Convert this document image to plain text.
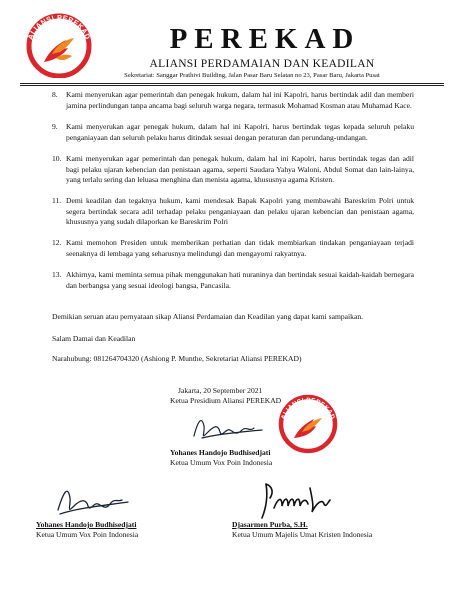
ALIANSI PEREKAD	PEREKAD
ALIANSI PERDAMAIAN DAN KEADILAN
Sekretariat: Sanggar Prathivi Building, Jalan Pasar Baru Selatan no 23, Pasar Baru, Jakarta Pusat
8. Kami menyerukan agar pemerintah dan penegak hukum, dalam hal ini Kapolri, harus bertindak adil dan memberi jamina perlindungan tanpa ancama bagi seluruh warga negara, termasuk Mohamad Kosman atau Muhamad Kace.
9. Kami menyerukan agar penegak hukum, dalam hal ini Kapolri, harus bertindak tegas kepada seluruh pelaku penganiayaan dan seluruh pelaku harus ditindak sesuai dengan peraturan dan perundang-undangan.
10. Kami menyerukan agar pemerintah dan penegak hukum, dalam hal ini Kapolri, harus bertindak tegas dan adil bagi pelaku ujaran kebencian dan penistaan agama, seperti Saudara Yahya Waloni, Abdul Somat dan lain-lainya, yang terlalu sering dan leluasa menghina dan menista agama, khususnya agama Kristen.
11. Demi keadilan dan tegaknya hukum, kami mendesak Bapak Kapolri yang membawahi Bareskrim Polri untuk segera bertindak secara adil terhadap pelaku penganiayaan dan pelaku ujaran kebencian dan penistaan agama, khususnya yang sudah dilaporkan ke Bareskrim Polri
12. Kami memohon Presiden untuk memberikan perhatian dan tidak membiarkan tindakan penganiayaan terjadi seenaknya di lembaga yang seharusnya melindungi dan mengayomi rakyatnya.
13. Akhirnya, kami meminta semua pihak menggunakan hati nuraninya dan bertindak sesuai kaidah-kaidah bernegara dan berbangsa yang sesuai ideologi bangsa, Pancasila.
Demikian seruan atau pernyataan sikap Aliansi Perdamaian dan Keadilan yang dapat kami sampaikan.
Salam Damai dan Keadilan
Narahubung: 081264704320 (Ashiong P. Munthe, Sekretariat Aliansi PEREKAD)
Jakarta, 20 September 2021
Ketua Presidium Aliansi PEREKAD
ALIANSI PEREKAD
Yohanes Handojo Budhisedjati
Ketua Umum Vox Poin Indonesia
Yohanes Handojo Budhisedjati
Ketua Umum Vox Poin Indonesia
Djasarmen Purba, S.H.
Ketua Umum Majelis Umat Kristen Indonesia
